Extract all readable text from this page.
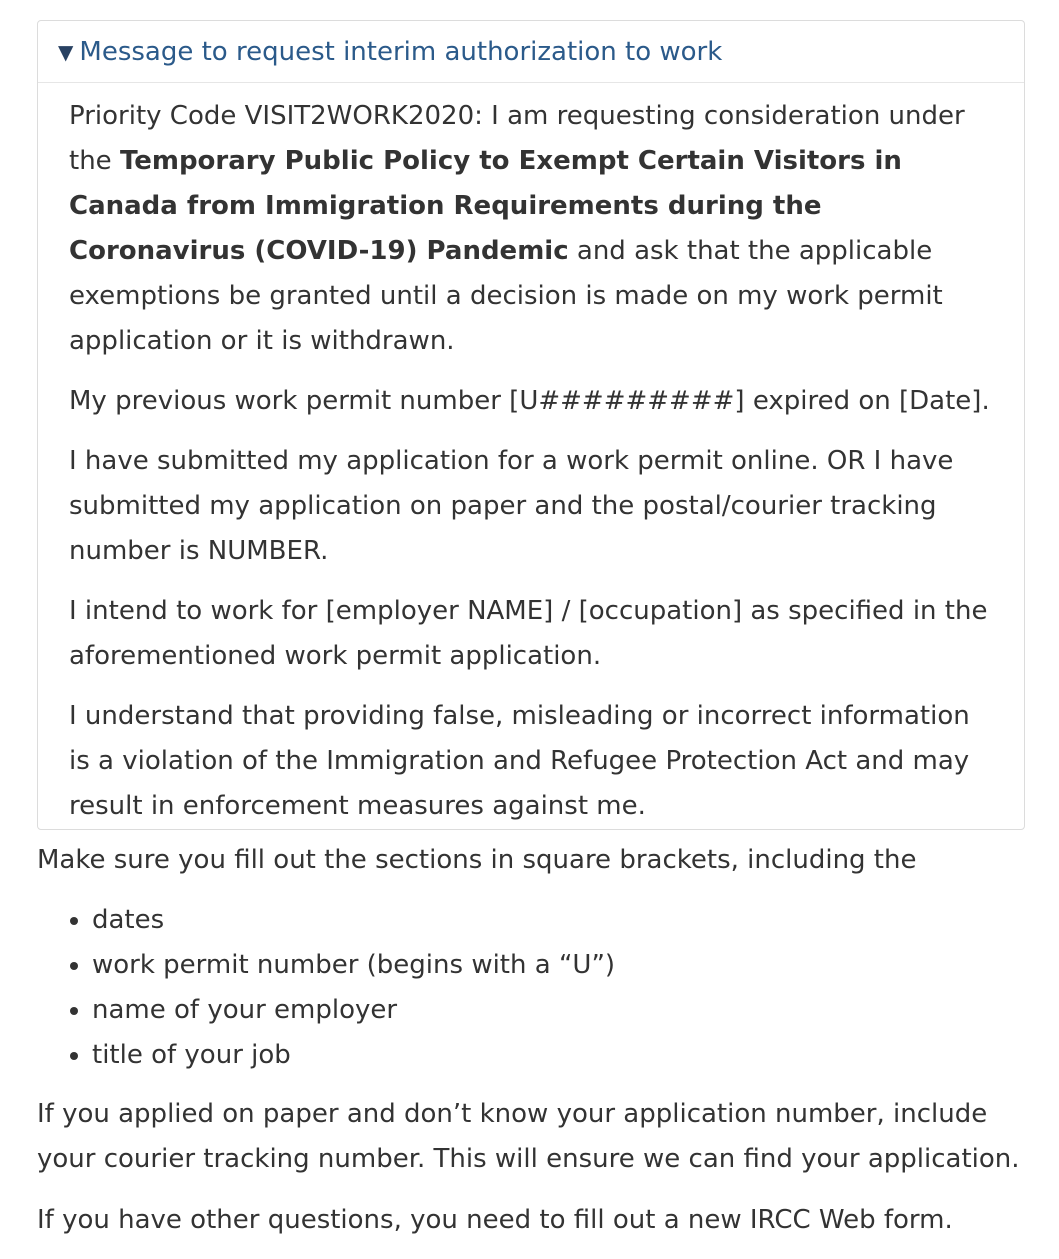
▼ Message to request interim authorization to work

Priority Code VISIT2WORK2020: I am requesting consideration under the Temporary Public Policy to Exempt Certain Visitors in Canada from Immigration Requirements during the Coronavirus (COVID-19) Pandemic and ask that the applicable exemptions be granted until a decision is made on my work permit application or it is withdrawn.

My previous work permit number [U#########] expired on [Date].

I have submitted my application for a work permit online. OR I have submitted my application on paper and the postal/courier tracking number is NUMBER.

I intend to work for [employer NAME] / [occupation] as specified in the aforementioned work permit application.

I understand that providing false, misleading or incorrect information is a violation of the Immigration and Refugee Protection Act and may result in enforcement measures against me.

Make sure you fill out the sections in square brackets, including the

dates
work permit number (begins with a “U”)
name of your employer
title of your job

If you applied on paper and don’t know your application number, include your courier tracking number. This will ensure we can find your application.

If you have other questions, you need to fill out a new IRCC Web form.
